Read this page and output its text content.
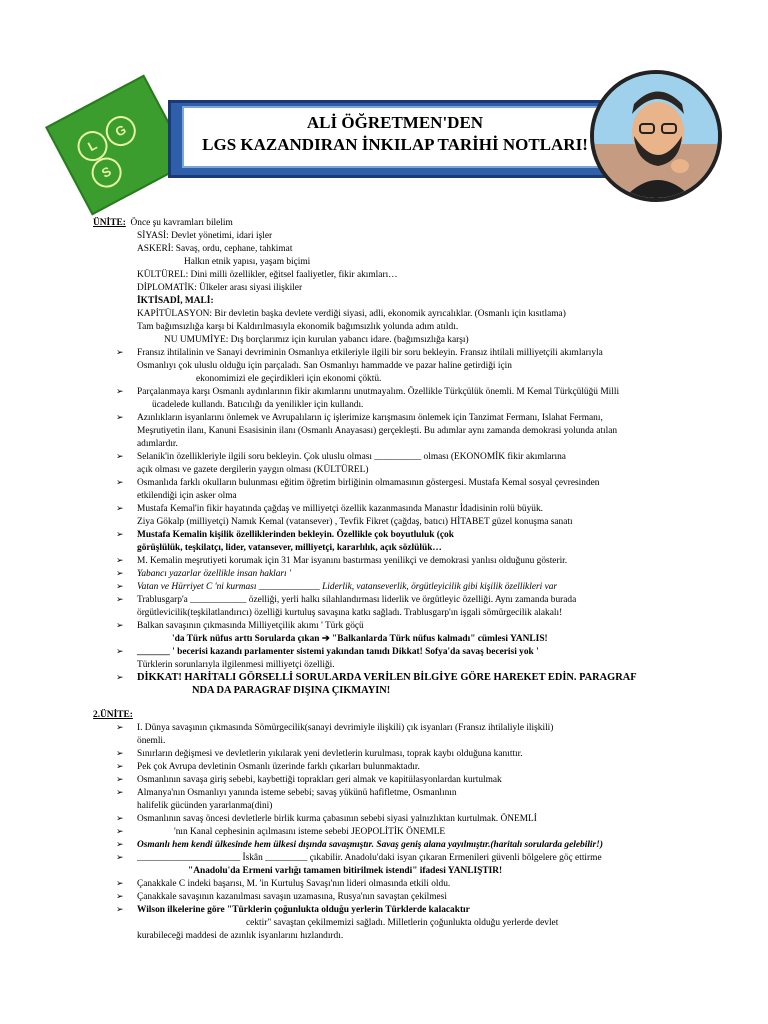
LGS
ALİ ÖĞRETMEN'DEN
LGS KAZANDIRAN İNKILAP TARİHİ NOTLARI!
ÜNİTE: Önce şu kavramları bilelim
SİYASİ: Devlet yönetimi, idari işler
ASKERİ: Savaş, ordu, cephane, tahkimat
Halkın etnik yapısı, yaşam biçimi
KÜLTÜREL: Dini milli özellikler, eğitsel faaliyetler, fikir akımları…
DİPLOMATİK: Ülkeler arası siyasi ilişkiler
İKTİSADİ, MALİ:
KAPİTÜLASYON: Bir devletin başka devlete verdiği siyasi, adli, ekonomik ayrıcalıklar. (Osmanlı için kısıtlama)
Tam bağımsızlığa karşı bi Kaldırılmasıyla ekonomik bağımsızlık yolunda adım atıldı.
NU UMUMİYE: Dış borçlarımız için kurulan yabancı idare. (bağımsızlığa karşı)
➢ Fransız ihtilalinin ve Sanayi devriminin Osmanlıya etkileriyle ilgili bir soru bekleyin. Fransız ihtilali milliyetçili akımlarıyla
Osmanlıyı çok uluslu olduğu için parçaladı. San Osmanlıyı hammadde ve pazar haline getirdiği için
ekonomimizi ele geçirdikleri için ekonomi çöktü.
➢ Parçalanmaya karşı Osmanlı aydınlarının fikir akımlarını unutmayalım. Özellikle Türkçülük önemli. M Kemal Türkçülüğü Milli
ücadelede kullandı. Batıcılığı da yenilikler için kullandı.
➢ Azınlıkların isyanlarını önlemek ve Avrupalıların iç işlerimize karışmasını önlemek için Tanzimat Fermanı, Islahat Fermanı,
Meşrutiyetin ilanı, Kanuni Esasisinin ilanı (Osmanlı Anayasası) gerçekleşti. Bu adımlar aynı zamanda demokrasi yolunda atılan
adımlardır.
➢ Selanik'in özellikleriyle ilgili soru bekleyin. Çok uluslu olması __________ olması (EKONOMİK fikir akımlarına
açık olması ve gazete dergilerin yaygın olması (KÜLTÜREL)
➢ Osmanlıda farklı okulların bulunması eğitim öğretim birliğinin olmamasının göstergesi. Mustafa Kemal sosyal çevresinden
etkilendiği için asker olma
➢ Mustafa Kemal'in fikir hayatında çağdaş ve milliyetçi özellik kazanmasında Manastır İdadisinin rolü büyük.
Ziya Gökalp (milliyetçi) Namık Kemal (vatansever) , Tevfik Fikret (çağdaş, batıcı) HİTABET güzel konuşma sanatı
➢ Mustafa Kemalin kişilik özelliklerinden bekleyin. Özellikle çok boyutluluk (çok
görüşlülük, teşkilatçı, lider, vatansever, milliyetçi, kararlılık, açık sözlülük…
➢ M. Kemalin meşrutiyeti korumak için 31 Mar isyanını bastırması yenilikçi ve demokrasi yanlısı olduğunu gösterir.
➢ Yabancı yazarlar özellikle insan hakları '
➢ Vatan ve Hürriyet C 'ni kurması _____________ Liderlik, vatanseverlik, örgütleyicilik gibi kişilik özellikleri var
➢ Trablusgarp'a ____________ özelliği, yerli halkı silahlandırması liderlik ve örgütleyic özelliği. Aynı zamanda burada
örgütlevicilik(teşkilatlandırıcı) özelliği kurtuluş savaşına katkı sağladı. Trablusgarp'ın işgali sömürgecilik alakalı!
➢ Balkan savaşının çıkmasında Milliyetçilik akımı ' Türk göçü
'da Türk nüfus arttı Sorularda çıkan ➔ "Balkanlarda Türk nüfus kalmadı" cümlesi YANLIS!
➢ _______ ' becerisi kazandı parlamenter sistemi yakından tanıdı Dikkat! Sofya'da savaş becerisi yok '
Türklerin sorunlarıyla ilgilenmesi milliyetçi özelliği.
➢ DİKKAT! HARİTALI GÖRSELLİ SORULARDA VERİLEN BİLGİYE GÖRE HAREKET EDİN. PARAGRAF
NDA DA PARAGRAF DIŞINA ÇIKMAYIN!
2.ÜNİTE:
➢ I. Dünya savaşının çıkmasında Sömürgecilik(sanayi devrimiyle ilişkili) çık isyanları (Fransız ihtilaliyle ilişkili)
önemli.
➢ Sınırların değişmesi ve devletlerin yıkılarak yeni devletlerin kurulması, toprak kaybı olduğuna kanıttır.
➢ Pek çok Avrupa devletinin Osmanlı üzerinde farklı çıkarları bulunmaktadır.
➢ Osmanlının savaşa giriş sebebi, kaybettiği toprakları geri almak ve kapitülasyonlardan kurtulmak
➢ Almanya'nın Osmanlıyı yanında isteme sebebi; savaş yükünü hafifletme, Osmanlının
halifelik gücünden yararlanma(dini)
➢ Osmanlının savaş öncesi devletlerle birlik kurma çabasının sebebi siyasi yalnızlıktan kurtulmak. ÖNEMLİ
➢	'nın Kanal cephesinin açılmasını isteme sebebi JEOPOLİTİK ÖNEMLE
➢ Osmanlı hem kendi ülkesinde hem ülkesi dışında savaşmıştır. Savaş geniş alana yayılmıştır.(haritalı sorularda gelebilir!)
➢ ______________________ İskân _________ çıkabilir. Anadolu'daki isyan çıkaran Ermenileri güvenli bölgelere göç ettirme
"Anadolu'da Ermeni varlığı tamamen bitirilmek istendi" ifadesi YANLIŞTIR!
➢ Çanakkale C indeki başarısı, M. 'in Kurtuluş Savaşı'nın lideri olmasında etkili oldu.
➢ Çanakkale savaşının kazanılması savaşın uzamasına, Rusya'nın savaştan çekilmesi
➢ Wilson ilkelerine göre "Türklerin çoğunlukta olduğu yerlerin Türklerde kalacaktır
cektir" savaştan çekilmemizi sağladı. Milletlerin çoğunlukta olduğu yerlerde devlet
kurabileceği maddesi de azınlık isyanlarını hızlandırdı.
